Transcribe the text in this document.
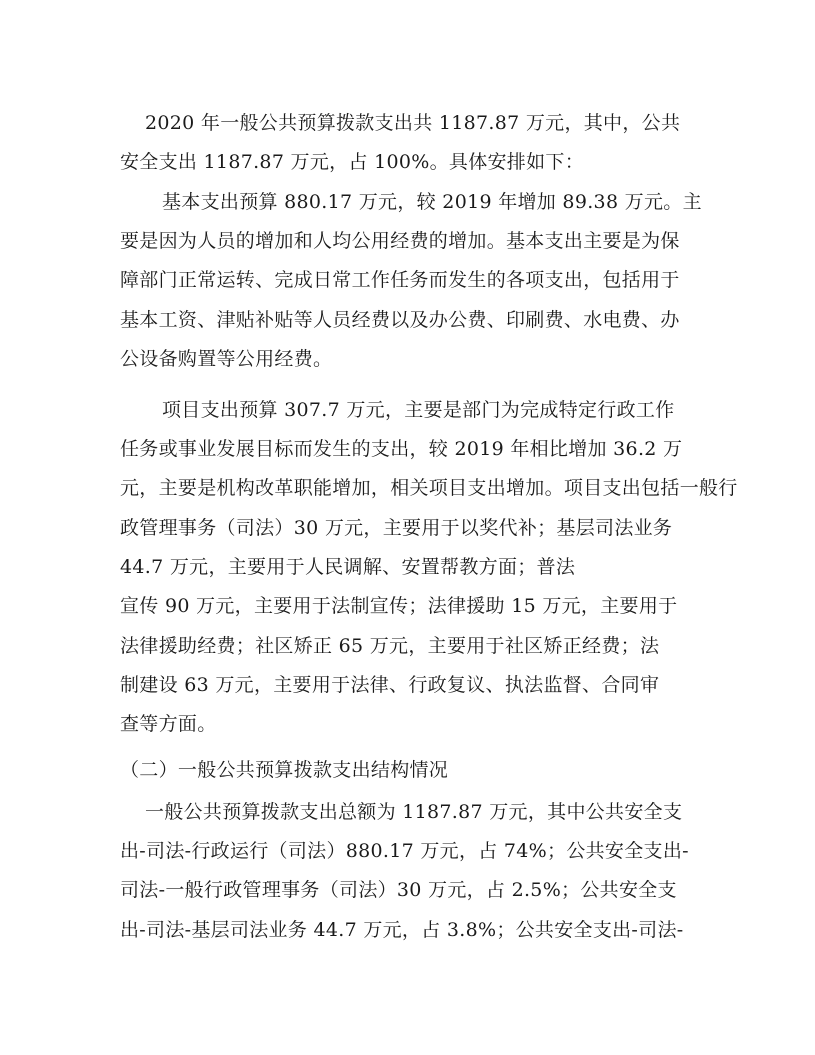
2020 年一般公共预算拨款支出共 1187.87 万元，其中，公共
安全支出 1187.87 万元，占 100%。具体安排如下：
基本支出预算 880.17 万元，较 2019 年增加 89.38 万元。主
要是因为人员的增加和人均公用经费的增加。基本支出主要是为保
障部门正常运转、完成日常工作任务而发生的各项支出，包括用于
基本工资、津贴补贴等人员经费以及办公费、印刷费、水电费、办
公设备购置等公用经费。
项目支出预算 307.7 万元，主要是部门为完成特定行政工作
任务或事业发展目标而发生的支出，较 2019 年相比增加 36.2 万
元，主要是机构改革职能增加，相关项目支出增加。项目支出包括一般行
政管理事务（司法）30 万元，主要用于以奖代补；基层司法业务
44.7 万元，主要用于人民调解、安置帮教方面；普法
宣传 90 万元，主要用于法制宣传；法律援助 15 万元，主要用于
法律援助经费；社区矫正 65 万元，主要用于社区矫正经费；法
制建设 63 万元，主要用于法律、行政复议、执法监督、合同审
查等方面。
（二）一般公共预算拨款支出结构情况
一般公共预算拨款支出总额为 1187.87 万元，其中公共安全支
出-司法-行政运行（司法）880.17 万元，占 74%；公共安全支出-
司法-一般行政管理事务（司法）30 万元，占 2.5%；公共安全支
出-司法-基层司法业务 44.7 万元，占 3.8%；公共安全支出-司法-
